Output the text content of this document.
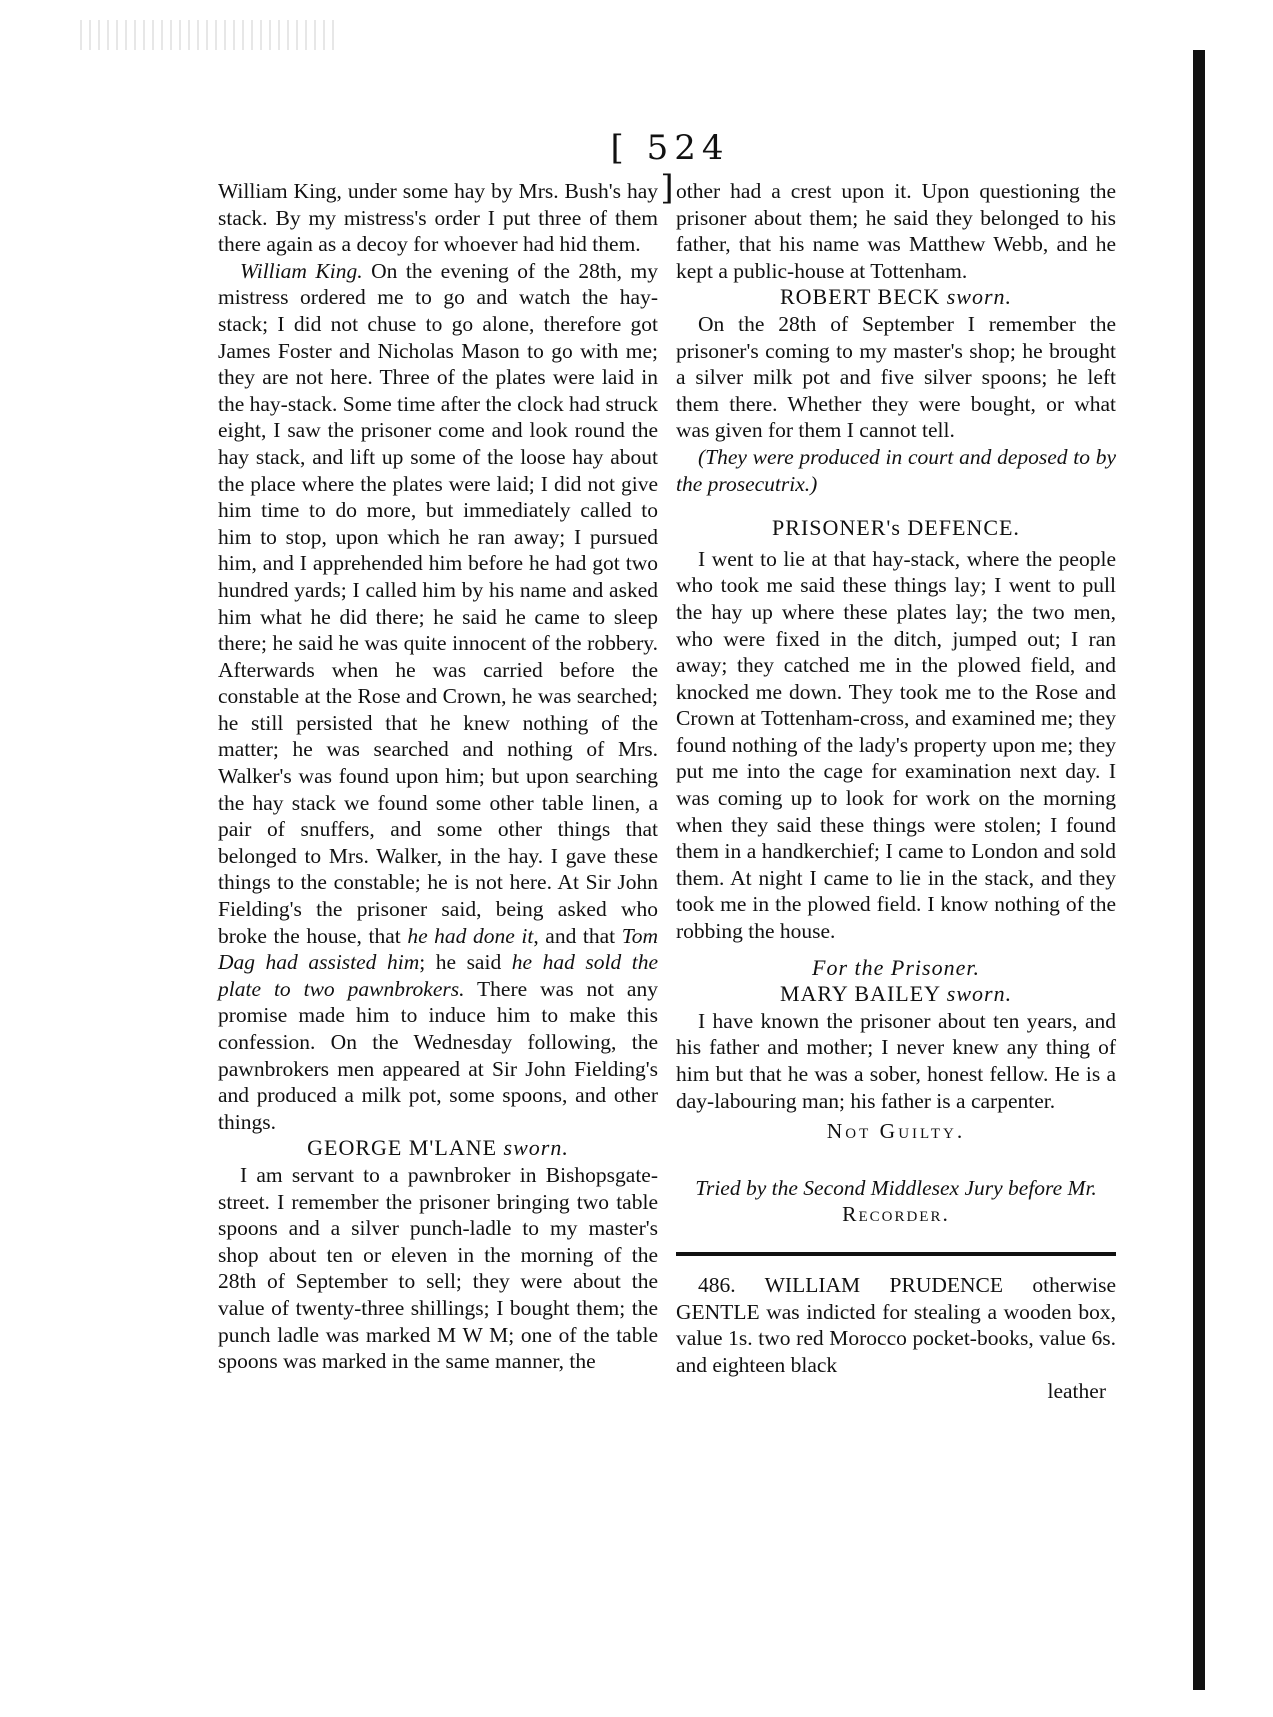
[ 524 ]

William King, under some hay by Mrs. Bush's hay stack. By my mistress's order I put three of them there again as a decoy for whoever had hid them.

William King. On the evening of the 28th, my mistress ordered me to go and watch the hay-stack; I did not chuse to go alone, therefore got James Foster and Nicholas Mason to go with me; they are not here. Three of the plates were laid in the hay-stack. Some time after the clock had struck eight, I saw the prisoner come and look round the hay stack, and lift up some of the loose hay about the place where the plates were laid; I did not give him time to do more, but immediately called to him to stop, upon which he ran away; I pursued him, and I apprehended him before he had got two hundred yards; I called him by his name and asked him what he did there; he said he came to sleep there; he said he was quite innocent of the robbery. Afterwards when he was carried before the constable at the Rose and Crown, he was searched; he still persisted that he knew nothing of the matter; he was searched and nothing of Mrs. Walker's was found upon him; but upon searching the hay stack we found some other table linen, a pair of snuffers, and some other things that belonged to Mrs. Walker, in the hay. I gave these things to the constable; he is not here. At Sir John Fielding's the prisoner said, being asked who broke the house, that he had done it, and that Tom Dag had assisted him; he said he had sold the plate to two pawnbrokers. There was not any promise made him to induce him to make this confession. On the Wednesday following, the pawnbrokers men appeared at Sir John Fielding's and produced a milk pot, some spoons, and other things.

GEORGE M'LANE sworn.

I am servant to a pawnbroker in Bishopsgate-street. I remember the prisoner bringing two table spoons and a silver punch-ladle to my master's shop about ten or eleven in the morning of the 28th of September to sell; they were about the value of twenty-three shillings; I bought them; the punch ladle was marked M W M; one of the table spoons was marked in the same manner, the

other had a crest upon it. Upon questioning the prisoner about them; he said they belonged to his father, that his name was Matthew Webb, and he kept a public-house at Tottenham.

ROBERT BECK sworn.

On the 28th of September I remember the prisoner's coming to my master's shop; he brought a silver milk pot and five silver spoons; he left them there. Whether they were bought, or what was given for them I cannot tell.

(They were produced in court and deposed to by the prosecutrix.)

PRISONER's DEFENCE.

I went to lie at that hay-stack, where the people who took me said these things lay; I went to pull the hay up where these plates lay; the two men, who were fixed in the ditch, jumped out; I ran away; they catched me in the plowed field, and knocked me down. They took me to the Rose and Crown at Tottenham-cross, and examined me; they found nothing of the lady's property upon me; they put me into the cage for examination next day. I was coming up to look for work on the morning when they said these things were stolen; I found them in a handkerchief; I came to London and sold them. At night I came to lie in the stack, and they took me in the plowed field. I know nothing of the robbing the house.

For the Prisoner.

MARY BAILEY sworn.

I have known the prisoner about ten years, and his father and mother; I never knew any thing of him but that he was a sober, honest fellow. He is a day-labouring man; his father is a carpenter.

Not Guilty.

Tried by the Second Middlesex Jury before Mr.

Recorder.

486. WILLIAM PRUDENCE otherwise GENTLE was indicted for stealing a wooden box, value 1s. two red Morocco pocket-books, value 6s. and eighteen black

leather
